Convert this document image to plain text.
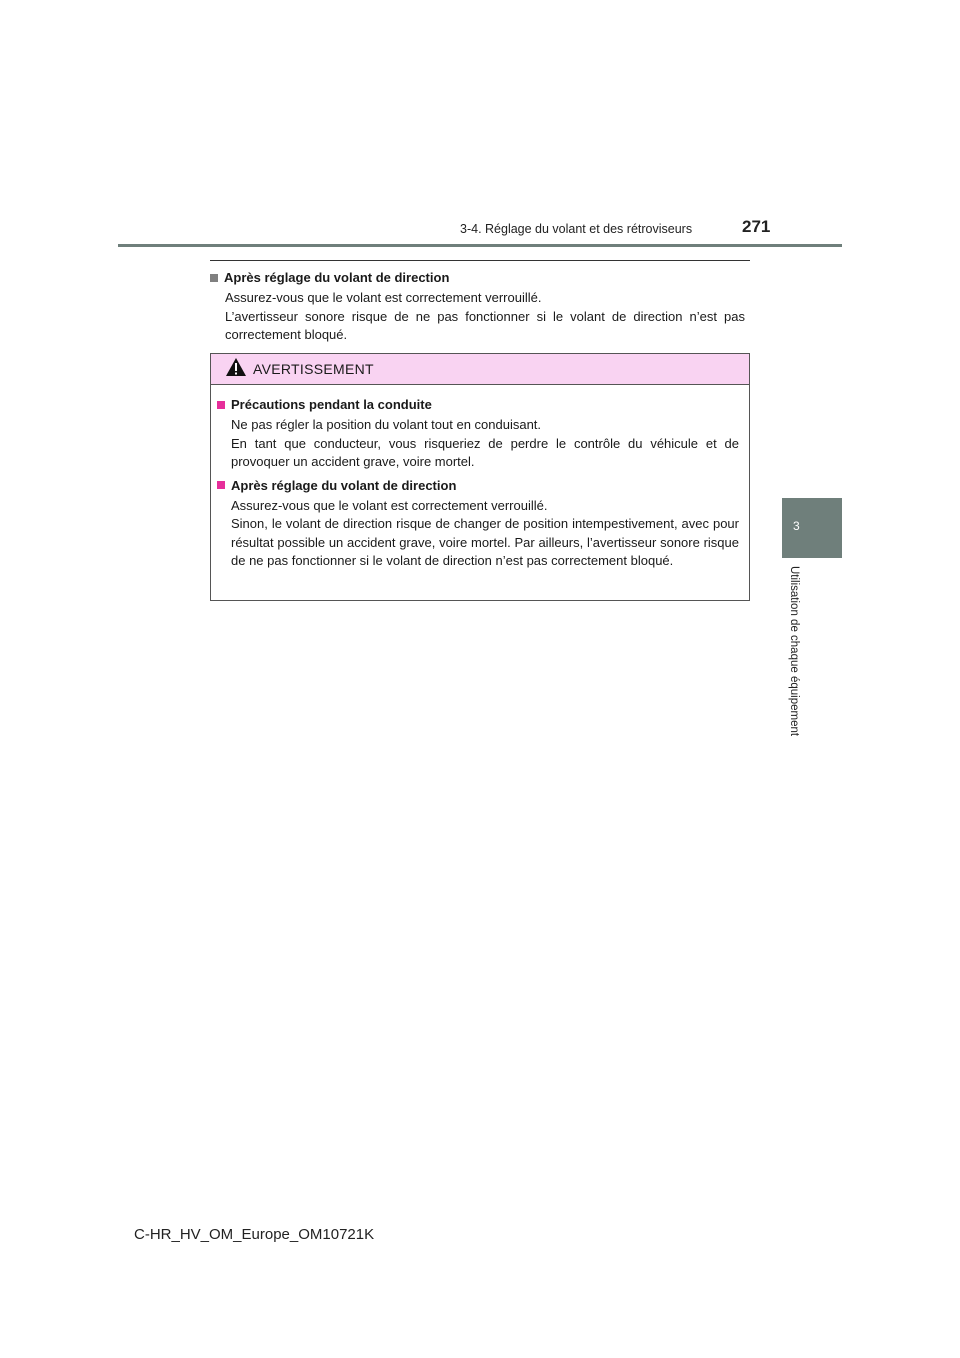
3-4. Réglage du volant et des rétroviseurs	271
3
Utilisation de chaque équipement
Après réglage du volant de direction

Assurez-vous que le volant est correctement verrouillé.

L’avertisseur sonore risque de ne pas fonctionner si le volant de direction n’est pas correctement bloqué.

AVERTISSEMENT
Précautions pendant la conduite

Ne pas régler la position du volant tout en conduisant.

En tant que conducteur, vous risqueriez de perdre le contrôle du véhicule et de provoquer un accident grave, voire mortel.

Après réglage du volant de direction

Assurez-vous que le volant est correctement verrouillé.

Sinon, le volant de direction risque de changer de position intempestivement, avec pour résultat possible un accident grave, voire mortel. Par ailleurs, l’avertisseur sonore risque de ne pas fonctionner si le volant de direction n’est pas correctement bloqué.

C-HR_HV_OM_Europe_OM10721K
